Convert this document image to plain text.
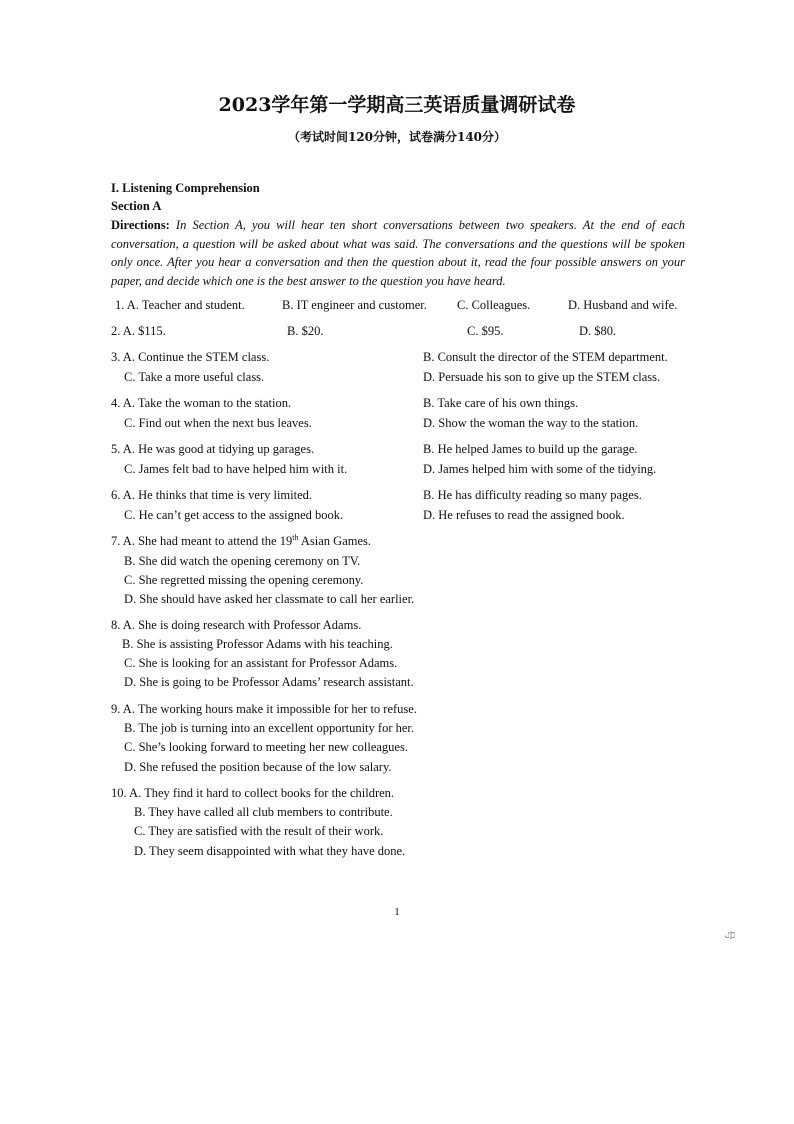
2023学年第一学期高三英语质量调研试卷
（考试时间120分钟，试卷满分140分）
I. Listening Comprehension
Section A
Directions: In Section A, you will hear ten short conversations between two speakers. At the end of each conversation, a question will be asked about what was said. The conversations and the questions will be spoken only once. After you hear a conversation and then the question about it, read the four possible answers on your paper, and decide which one is the best answer to the question you have heard.
1. A. Teacher and student.	B. IT engineer and customer. C. Colleagues.	D. Husband and wife.
2. A. $115.	B. $20.	C. $95.	D. $80.
3. A. Continue the STEM class.	B. Consult the director of the STEM department.
C. Take a more useful class.	D. Persuade his son to give up the STEM class.
4. A. Take the woman to the station.	B. Take care of his own things.
C. Find out when the next bus leaves.	D. Show the woman the way to the station.
5. A. He was good at tidying up garages.	B. He helped James to build up the garage.
C. James felt bad to have helped him with it.	D. James helped him with some of the tidying.
6. A. He thinks that time is very limited.	B. He has difficulty reading so many pages.
C. He can’t get access to the assigned book.	D. He refuses to read the assigned book.
7. A. She had meant to attend the 19th Asian Games.
B. She did watch the opening ceremony on TV.
C. She regretted missing the opening ceremony.
D. She should have asked her classmate to call her earlier.
8. A. She is doing research with Professor Adams.
B. She is assisting Professor Adams with his teaching.
C. She is looking for an assistant for Professor Adams.
D. She is going to be Professor Adams’ research assistant.
9. A. The working hours make it impossible for her to refuse.
B. The job is turning into an excellent opportunity for her.
C. She’s looking forward to meeting her new colleagues.
D. She refused the position because of the low salary.
10. A. They find it hard to collect books for the children.
B. They have called all club members to contribute.
C. They are satisfied with the result of their work.
D. They seem disappointed with what they have done.
1
号
